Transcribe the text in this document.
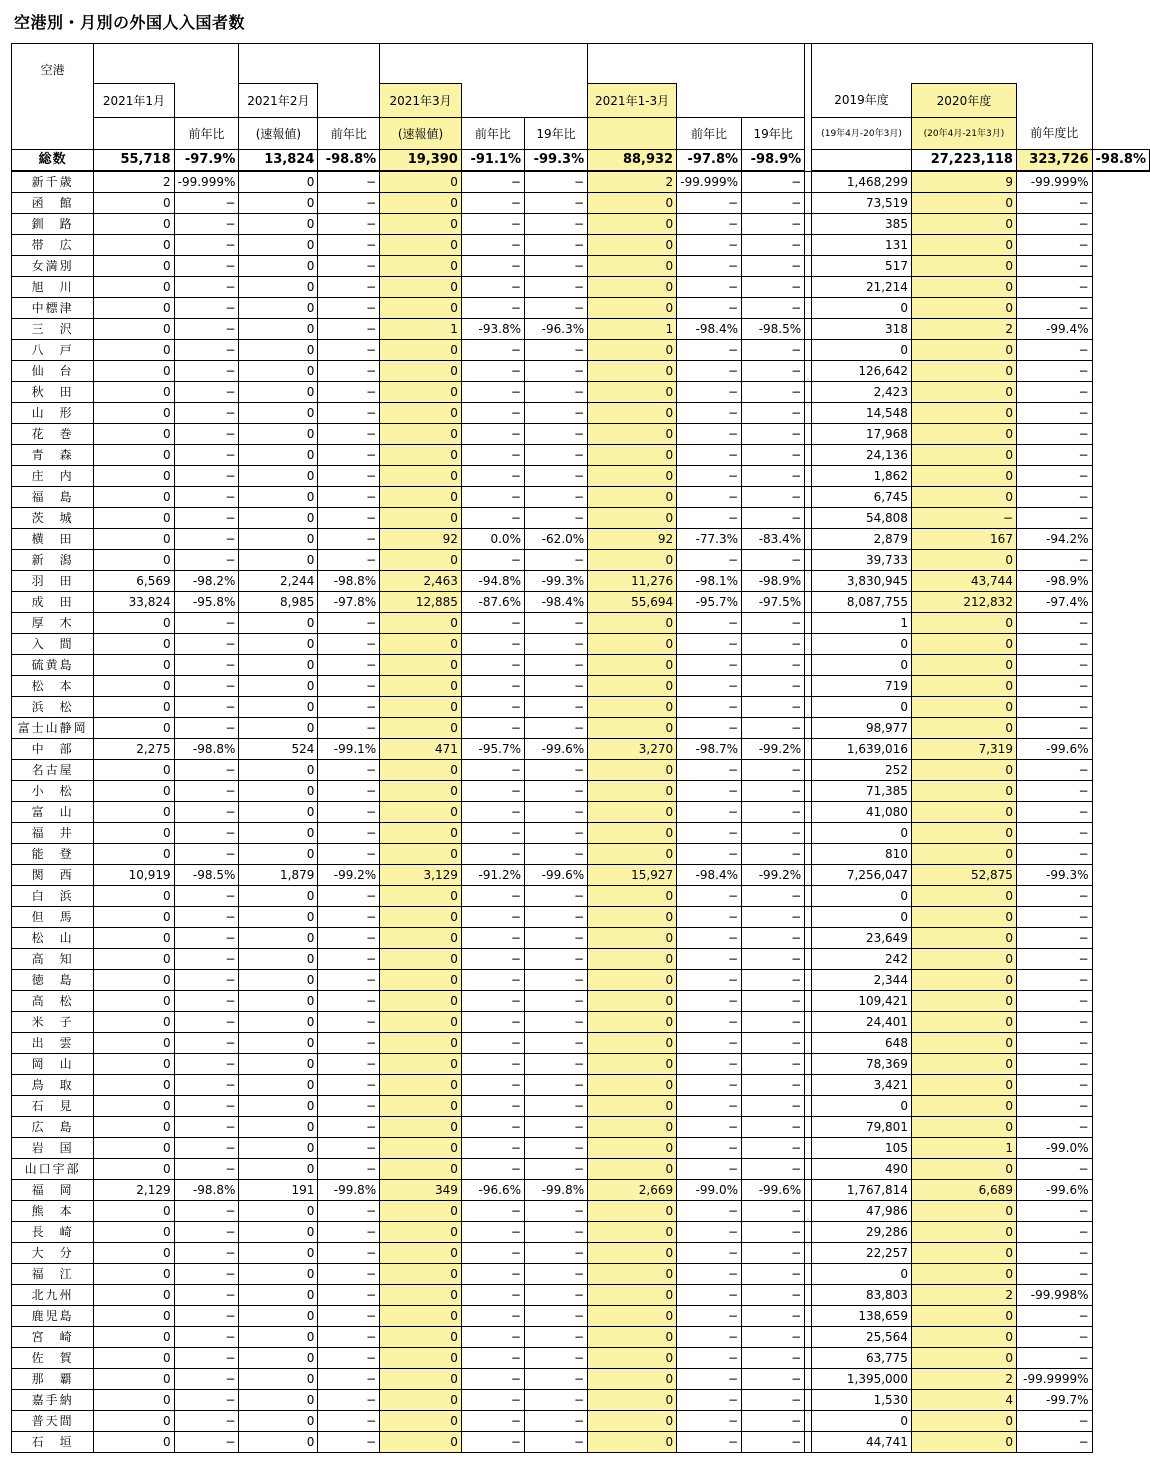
空港別・月別の外国人入国者数
空港															
	2021年1月		2021年2月		2021年3月			2021年1-3月				2019年度	2020年度		
		前年比	(速報値)	前年比	(速報値)	前年比	19年比		前年比	19年比		(19年4月-20年3月)	(20年4月-21年3月)	前年度比	
総数	55,718	-97.9%	13,824	-98.8%	19,390	-91.1%	-99.3%	88,932	-97.8%	-98.9%			27,223,118	323,726	-98.8%
新千歳	2	-99.999%	0	−	0	−	−	2	-99.999%	−		1,468,299	9	-99.999%	
函　館	0	−	0	−	0	−	−	0	−	−		73,519	0	−	
釧　路	0	−	0	−	0	−	−	0	−	−		385	0	−	
帯　広	0	−	0	−	0	−	−	0	−	−		131	0	−	
女満別	0	−	0	−	0	−	−	0	−	−		517	0	−	
旭　川	0	−	0	−	0	−	−	0	−	−		21,214	0	−	
中標津	0	−	0	−	0	−	−	0	−	−		0	0	−	
三　沢	0	−	0	−	1	-93.8%	-96.3%	1	-98.4%	-98.5%		318	2	-99.4%	
八　戸	0	−	0	−	0	−	−	0	−	−		0	0	−	
仙　台	0	−	0	−	0	−	−	0	−	−		126,642	0	−	
秋　田	0	−	0	−	0	−	−	0	−	−		2,423	0	−	
山　形	0	−	0	−	0	−	−	0	−	−		14,548	0	−	
花　巻	0	−	0	−	0	−	−	0	−	−		17,968	0	−	
青　森	0	−	0	−	0	−	−	0	−	−		24,136	0	−	
庄　内	0	−	0	−	0	−	−	0	−	−		1,862	0	−	
福　島	0	−	0	−	0	−	−	0	−	−		6,745	0	−	
茨　城	0	−	0	−	0	−	−	0	−	−		54,808	−	−	
横　田	0	−	0	−	92	0.0%	-62.0%	92	-77.3%	-83.4%		2,879	167	-94.2%	
新　潟	0	−	0	−	0	−	−	0	−	−		39,733	0	−	
羽　田	6,569	-98.2%	2,244	-98.8%	2,463	-94.8%	-99.3%	11,276	-98.1%	-98.9%		3,830,945	43,744	-98.9%	
成　田	33,824	-95.8%	8,985	-97.8%	12,885	-87.6%	-98.4%	55,694	-95.7%	-97.5%		8,087,755	212,832	-97.4%	
厚　木	0	−	0	−	0	−	−	0	−	−		1	0	−	
入　間	0	−	0	−	0	−	−	0	−	−		0	0	−	
硫黄島	0	−	0	−	0	−	−	0	−	−		0	0	−	
松　本	0	−	0	−	0	−	−	0	−	−		719	0	−	
浜　松	0	−	0	−	0	−	−	0	−	−		0	0	−	
富士山静岡	0	−	0	−	0	−	−	0	−	−		98,977	0	−	
中　部	2,275	-98.8%	524	-99.1%	471	-95.7%	-99.6%	3,270	-98.7%	-99.2%		1,639,016	7,319	-99.6%	
名古屋	0	−	0	−	0	−	−	0	−	−		252	0	−	
小　松	0	−	0	−	0	−	−	0	−	−		71,385	0	−	
富　山	0	−	0	−	0	−	−	0	−	−		41,080	0	−	
福　井	0	−	0	−	0	−	−	0	−	−		0	0	−	
能　登	0	−	0	−	0	−	−	0	−	−		810	0	−	
関　西	10,919	-98.5%	1,879	-99.2%	3,129	-91.2%	-99.6%	15,927	-98.4%	-99.2%		7,256,047	52,875	-99.3%	
白　浜	0	−	0	−	0	−	−	0	−	−		0	0	−	
但　馬	0	−	0	−	0	−	−	0	−	−		0	0	−	
松　山	0	−	0	−	0	−	−	0	−	−		23,649	0	−	
高　知	0	−	0	−	0	−	−	0	−	−		242	0	−	
徳　島	0	−	0	−	0	−	−	0	−	−		2,344	0	−	
高　松	0	−	0	−	0	−	−	0	−	−		109,421	0	−	
米　子	0	−	0	−	0	−	−	0	−	−		24,401	0	−	
出　雲	0	−	0	−	0	−	−	0	−	−		648	0	−	
岡　山	0	−	0	−	0	−	−	0	−	−		78,369	0	−	
鳥　取	0	−	0	−	0	−	−	0	−	−		3,421	0	−	
石　見	0	−	0	−	0	−	−	0	−	−		0	0	−	
広　島	0	−	0	−	0	−	−	0	−	−		79,801	0	−	
岩　国	0	−	0	−	0	−	−	0	−	−		105	1	-99.0%	
山口宇部	0	−	0	−	0	−	−	0	−	−		490	0	−	
福　岡	2,129	-98.8%	191	-99.8%	349	-96.6%	-99.8%	2,669	-99.0%	-99.6%		1,767,814	6,689	-99.6%	
熊　本	0	−	0	−	0	−	−	0	−	−		47,986	0	−	
長　崎	0	−	0	−	0	−	−	0	−	−		29,286	0	−	
大　分	0	−	0	−	0	−	−	0	−	−		22,257	0	−	
福　江	0	−	0	−	0	−	−	0	−	−		0	0	−	
北九州	0	−	0	−	0	−	−	0	−	−		83,803	2	-99.998%	
鹿児島	0	−	0	−	0	−	−	0	−	−		138,659	0	−	
宮　崎	0	−	0	−	0	−	−	0	−	−		25,564	0	−	
佐　賀	0	−	0	−	0	−	−	0	−	−		63,775	0	−	
那　覇	0	−	0	−	0	−	−	0	−	−		1,395,000	2	-99.9999%	
嘉手納	0	−	0	−	0	−	−	0	−	−		1,530	4	-99.7%	
普天間	0	−	0	−	0	−	−	0	−	−		0	0	−	
石　垣	0	−	0	−	0	−	−	0	−	−		44,741	0	−	
